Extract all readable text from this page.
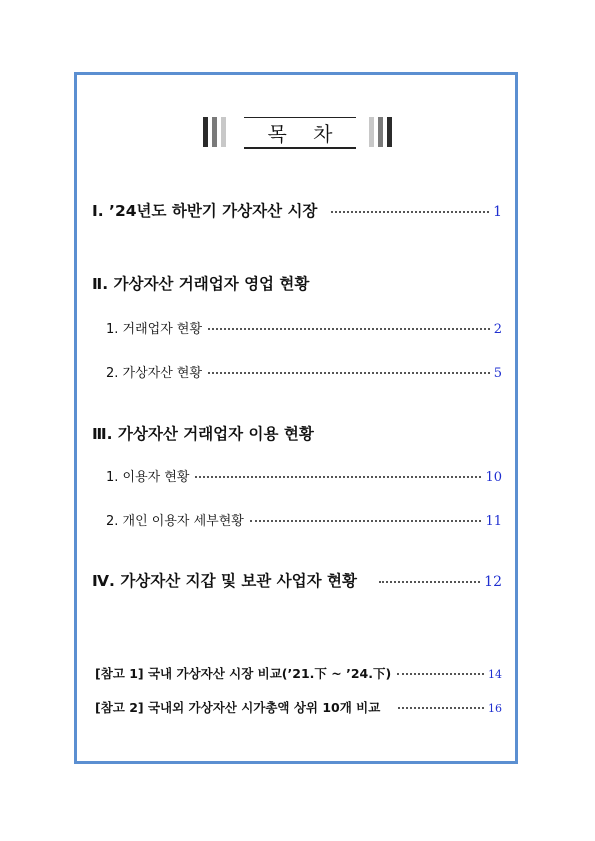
목 차
Ⅰ. ’24년도 하반기 가상자산 시장	1
Ⅱ. 가상자산 거래업자 영업 현황
1. 거래업자 현황	2
2. 가상자산 현황	5
Ⅲ. 가상자산 거래업자 이용 현황
1. 이용자 현황	10
2. 개인 이용자 세부현황	11
Ⅳ. 가상자산 지갑 및 보관 사업자 현황	12
[참고 1] 국내 가상자산 시장 비교(’21.下 ~ ’24.下)	14
[참고 2] 국내외 가상자산 시가총액 상위 10개 비교	16
